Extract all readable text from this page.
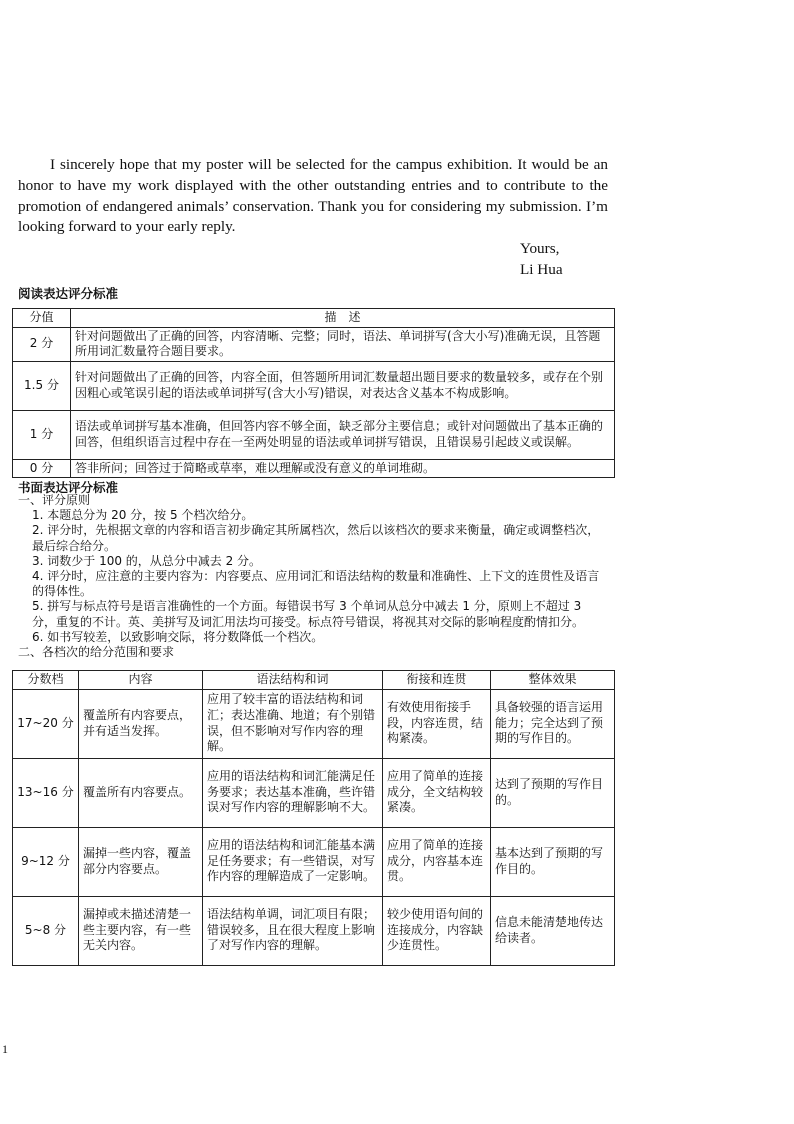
I sincerely hope that my poster will be selected for the campus exhibition. It would be an honor to have my work displayed with the other outstanding entries and to contribute to the promotion of endangered animals’ conservation. Thank you for considering my submission. I’m looking forward to your early reply.

Yours,
Li Hua
阅读表达评分标准
分值	描　述
2 分	针对问题做出了正确的回答，内容清晰、完整；同时，语法、单词拼写(含大小写)准确无误，且答题所用词汇数量符合题目要求。
1.5 分	针对问题做出了正确的回答，内容全面，但答题所用词汇数量超出题目要求的数量较多，或存在个别因粗心或笔误引起的语法或单词拼写(含大小写)错误，对表达含义基本不构成影响。
1 分	语法或单词拼写基本准确，但回答内容不够全面，缺乏部分主要信息；或针对问题做出了基本正确的回答，但组织语言过程中存在一至两处明显的语法或单词拼写错误，且错误易引起歧义或误解。
0 分	答非所问；回答过于简略或草率，难以理解或没有意义的单词堆砌。
书面表达评分标准
一、评分原则
1. 本题总分为 20 分，按 5 个档次给分。
2. 评分时，先根据文章的内容和语言初步确定其所属档次，然后以该档次的要求来衡量，确定或调整档次，最后综合给分。
3. 词数少于 100 的，从总分中减去 2 分。
4. 评分时，应注意的主要内容为：内容要点、应用词汇和语法结构的数量和准确性、上下文的连贯性及语言的得体性。
5. 拼写与标点符号是语言准确性的一个方面。每错误书写 3 个单词从总分中减去 1 分，原则上不超过 3 分，重复的不计。英、美拼写及词汇用法均可接受。标点符号错误，将视其对交际的影响程度酌情扣分。
6. 如书写较差，以致影响交际，将分数降低一个档次。
二、各档次的给分范围和要求
分数档	内容	语法结构和词	衔接和连贯	整体效果
17~20 分	覆盖所有内容要点，并有适当发挥。	应用了较丰富的语法结构和词汇；表达准确、地道；有个别错误，但不影响对写作内容的理解。	有效使用衔接手段，内容连贯，结构紧凑。	具备较强的语言运用能力；完全达到了预期的写作目的。
13~16 分	覆盖所有内容要点。	应用的语法结构和词汇能满足任务要求；表达基本准确，些许错误对写作内容的理解影响不大。	应用了简单的连接成分，全文结构较紧凑。	达到了预期的写作目的。
9~12 分	漏掉一些内容，覆盖部分内容要点。	应用的语法结构和词汇能基本满足任务要求；有一些错误，对写作内容的理解造成了一定影响。	应用了简单的连接成分，内容基本连贯。	基本达到了预期的写作目的。
5~8 分	漏掉或未描述清楚一些主要内容，有一些无关内容。	语法结构单调，词汇项目有限；错误较多，且在很大程度上影响了对写作内容的理解。	较少使用语句间的连接成分，内容缺少连贯性。	信息未能清楚地传达给读者。
1
